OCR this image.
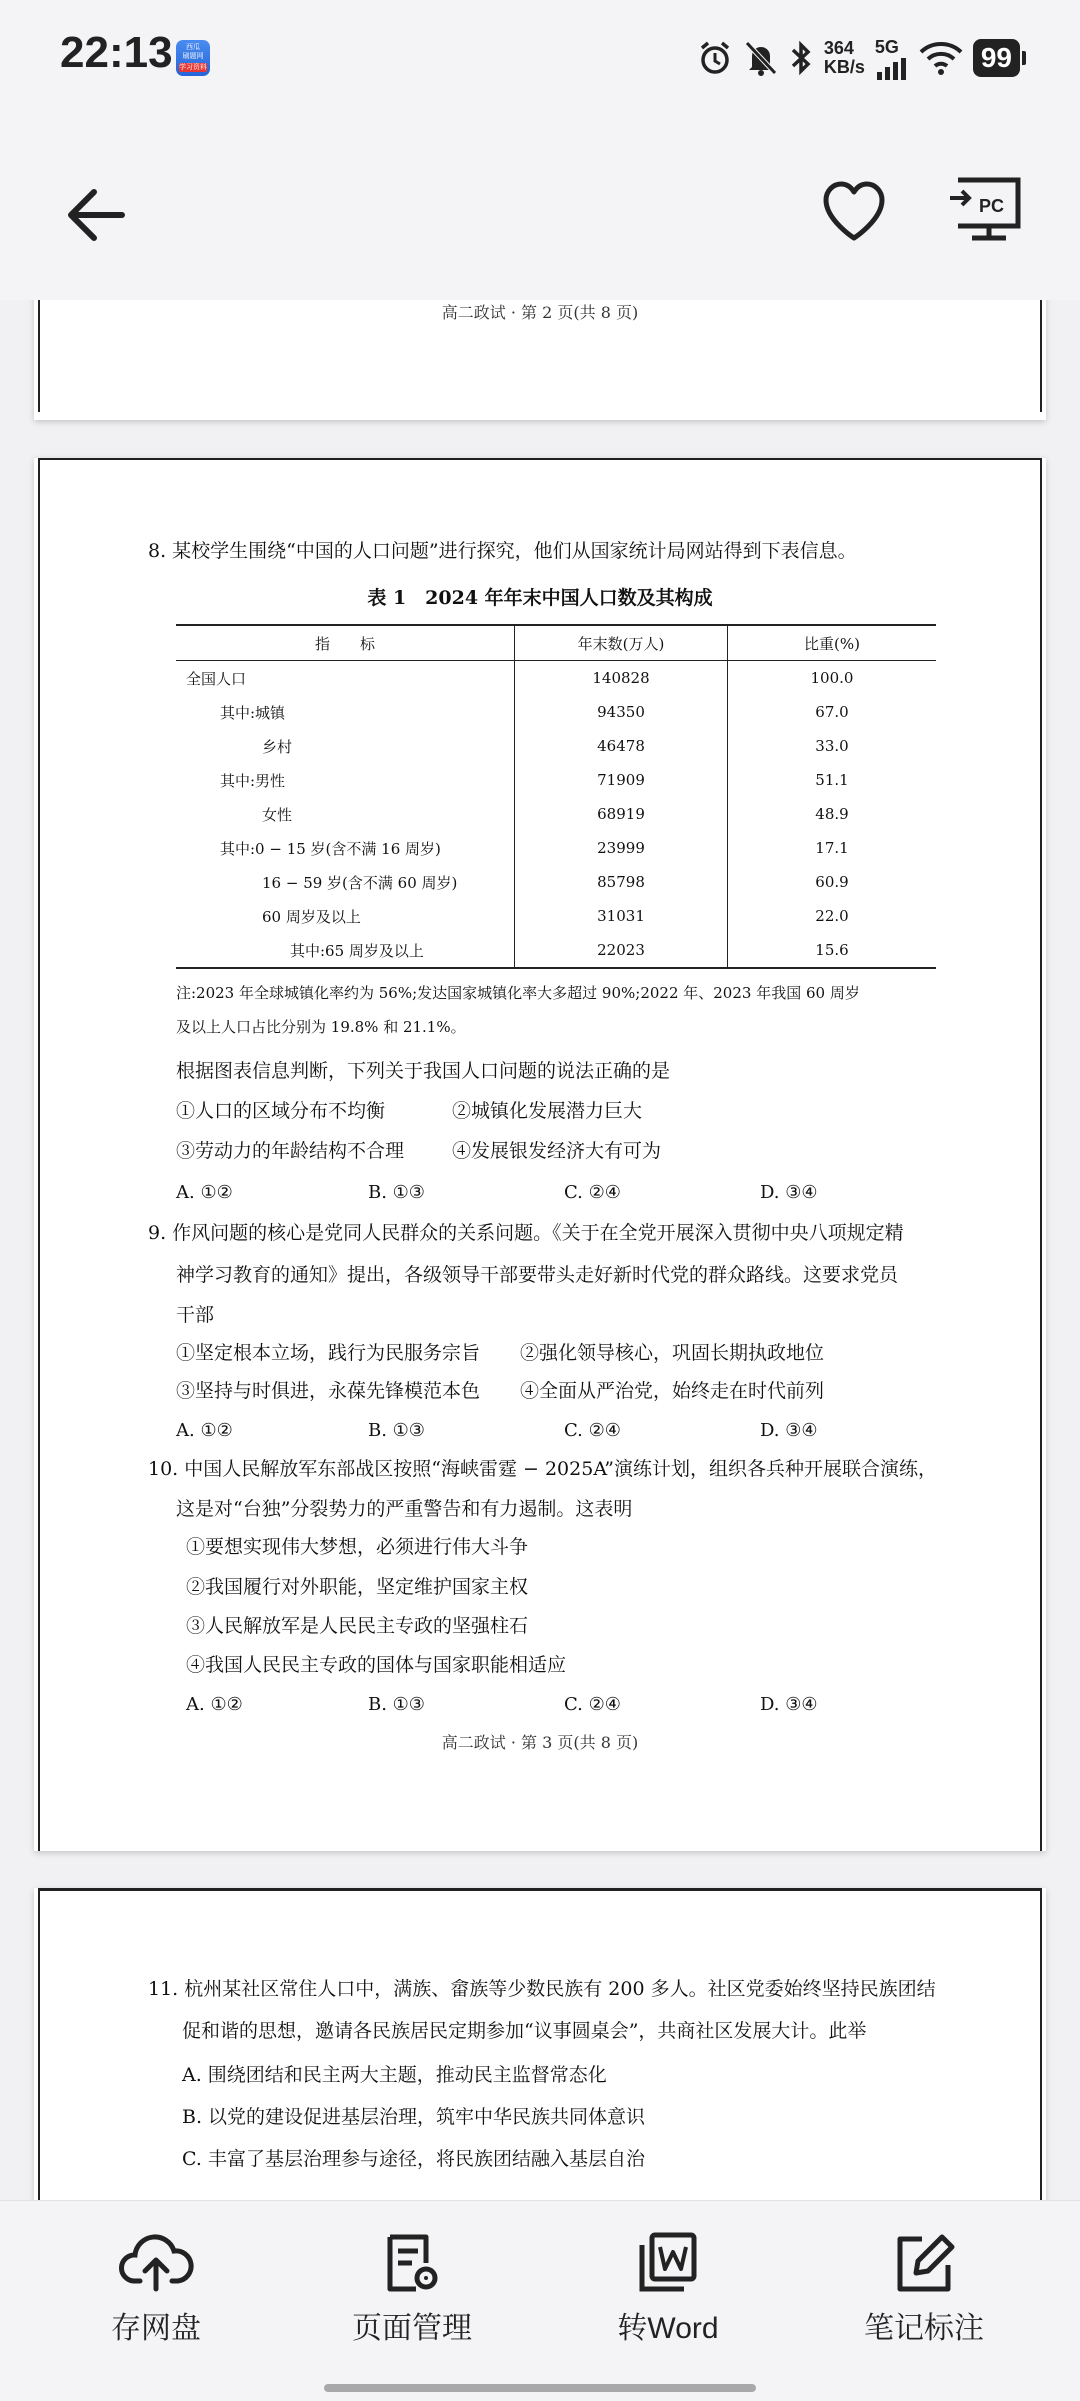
22:13	西瓜
刷题网
学习资料
364
KB/s
5G	99
PC
高二政试 · 第 2 页(共 8 页)
8. 某校学生围绕“中国的人口问题”进行探究，他们从国家统计局网站得到下表信息。
表 1　2024 年年末中国人口数及其构成
指　　标	年末数(万人)	比重(%)
全国人口	140828	100.0
其中:城镇	94350	67.0
乡村	46478	33.0
其中:男性	71909	51.1
女性	68919	48.9
其中:0 − 15 岁(含不满 16 周岁)	23999	17.1
16 − 59 岁(含不满 60 周岁)	85798	60.9
60 周岁及以上	31031	22.0
其中:65 周岁及以上	22023	15.6
注:2023 年全球城镇化率约为 56%;发达国家城镇化率大多超过 90%;2022 年、2023 年我国 60 周岁
及以上人口占比分别为 19.8% 和 21.1%。
根据图表信息判断，下列关于我国人口问题的说法正确的是
①人口的区域分布不均衡	②城镇化发展潜力巨大
③劳动力的年龄结构不合理	④发展银发经济大有可为
A. ①②	B. ①③	C. ②④	D. ③④
9. 作风问题的核心是党同人民群众的关系问题。《关于在全党开展深入贯彻中央八项规定精
神学习教育的通知》提出，各级领导干部要带头走好新时代党的群众路线。这要求党员
干部
①坚定根本立场，践行为民服务宗旨 ②强化领导核心，巩固长期执政地位
③坚持与时俱进，永葆先锋模范本色 ④全面从严治党，始终走在时代前列
A. ①②	B. ①③	C. ②④	D. ③④
10. 中国人民解放军东部战区按照“海峡雷霆 − 2025A”演练计划，组织各兵种开展联合演练，
这是对“台独”分裂势力的严重警告和有力遏制。这表明
①要想实现伟大梦想，必须进行伟大斗争
②我国履行对外职能，坚定维护国家主权
③人民解放军是人民民主专政的坚强柱石
④我国人民民主专政的国体与国家职能相适应
A. ①②	B. ①③	C. ②④	D. ③④
高二政试 · 第 3 页(共 8 页)
11. 杭州某社区常住人口中，满族、畲族等少数民族有 200 多人。社区党委始终坚持民族团结
促和谐的思想，邀请各民族居民定期参加“议事圆桌会”，共商社区发展大计。此举
A. 围绕团结和民主两大主题，推动民主监督常态化
B. 以党的建设促进基层治理，筑牢中华民族共同体意识
C. 丰富了基层治理参与途径，将民族团结融入基层自治
存网盘	页面管理	转Word	笔记标注
